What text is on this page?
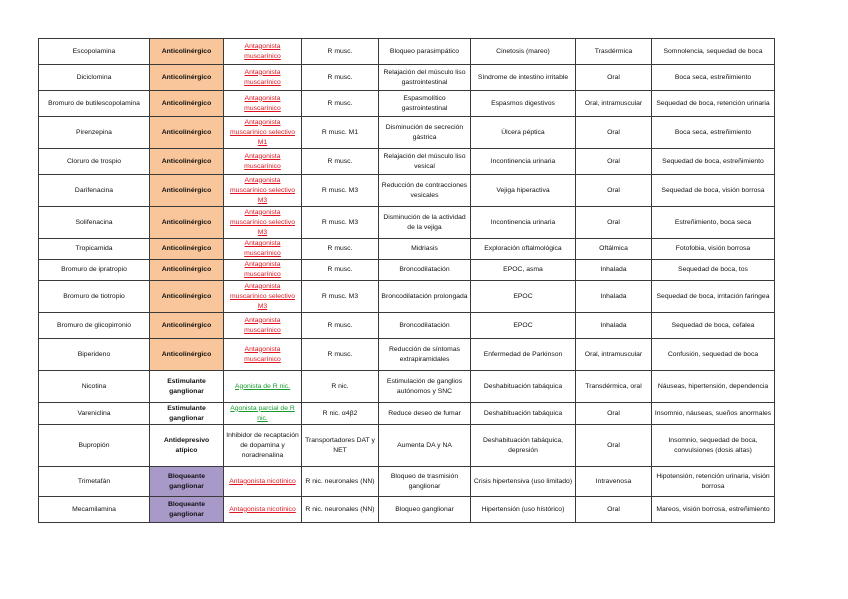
Escopolamina	Anticolinérgico	Antagonista muscarínico	R musc.	Bloqueo parasimpático	Cinetosis (mareo)	Trasdérmica	Somnolencia, sequedad de boca
Diciclomina	Anticolinérgico	Antagonista muscarínico	R musc.	Relajación del músculo liso gastrointestinal	Síndrome de intestino irritable	Oral	Boca seca, estreñimiento
Bromuro de butilescopolamina	Anticolinérgico	Antagonista muscarínico	R musc.	Espasmolítico gastrointestinal	Espasmos digestivos	Oral, intramuscular	Sequedad de boca, retención urinaria
Pirenzepina	Anticolinérgico	Antagonista muscarínico selectivo M1	R musc. M1	Disminución de secreción gástrica	Úlcera péptica	Oral	Boca seca, estreñimiento
Cloruro de trospio	Anticolinérgico	Antagonista muscarínico	R musc.	Relajación del músculo liso vesical	Incontinencia urinaria	Oral	Sequedad de boca, estreñimiento
Darifenacina	Anticolinérgico	Antagonista muscarínico selectivo M3	R musc. M3	Reducción de contracciones vesicales	Vejiga hiperactiva	Oral	Sequedad de boca, visión borrosa
Solifenacina	Anticolinérgico	Antagonista muscarínico selectivo M3	R musc. M3	Disminución de la actividad de la vejiga	Incontinencia urinaria	Oral	Estreñimiento, boca seca
Tropicamida	Anticolinérgico	Antagonista muscarínico	R musc.	Midriasis	Exploración oftalmológica	Oftálmica	Fotofobia, visión borrosa
Bromuro de ipratropio	Anticolinérgico	Antagonista muscarínico	R musc.	Broncodilatación	EPOC, asma	Inhalada	Sequedad de boca, tos
Bromuro de tiotropio	Anticolinérgico	Antagonista muscarínico selectivo M3	R musc. M3	Broncodilatación prolongada	EPOC	Inhalada	Sequedad de boca, irritación faringea
Bromuro de glicopirronio	Anticolinérgico	Antagonista muscarínico	R musc.	Broncodilatación	EPOC	Inhalada	Sequedad de boca, cefalea
Biperideno	Anticolinérgico	Antagonista muscarínico	R musc.	Reducción de síntomas extrapiramidales	Enfermedad de Parkinson	Oral, intramuscular	Confusión, sequedad de boca
Nicotina	Estimulante ganglionar	Agonista de R nic.	R nic.	Estimulación de ganglios autónomos y SNC	Deshabituación tabáquica	Transdérmica, oral	Náuseas, hipertensión, dependencia
Vareniclina	Estimulante ganglionar	Agonista parcial de R nic.	R nic. α4β2	Reduce deseo de fumar	Deshabituación tabáquica	Oral	Insomnio, náuseas, sueños anormales
Bupropión	Antidepresivo atípico	Inhibidor de recaptación de dopamina y noradrenalina	Transportadores DAT y NET	Aumenta DA y NA	Deshabituación tabáquica, depresión	Oral	Insomnio, sequedad de boca, convulsiones (dosis altas)
Trimetafán	Bloqueante ganglionar	Antagonista nicotínico	R nic. neuronales (NN)	Bloqueo de trasmisión ganglionar	Crisis hipertensiva (uso limitado)	Intravenosa	Hipotensión, retención urinaria, visión borrosa
Mecamilamina	Bloqueante ganglionar	Antagonista nicotínico	R nic. neuronales (NN)	Bloqueo ganglionar	Hipertensión (uso histórico)	Oral	Mareos, visión borrosa, estreñimiento
